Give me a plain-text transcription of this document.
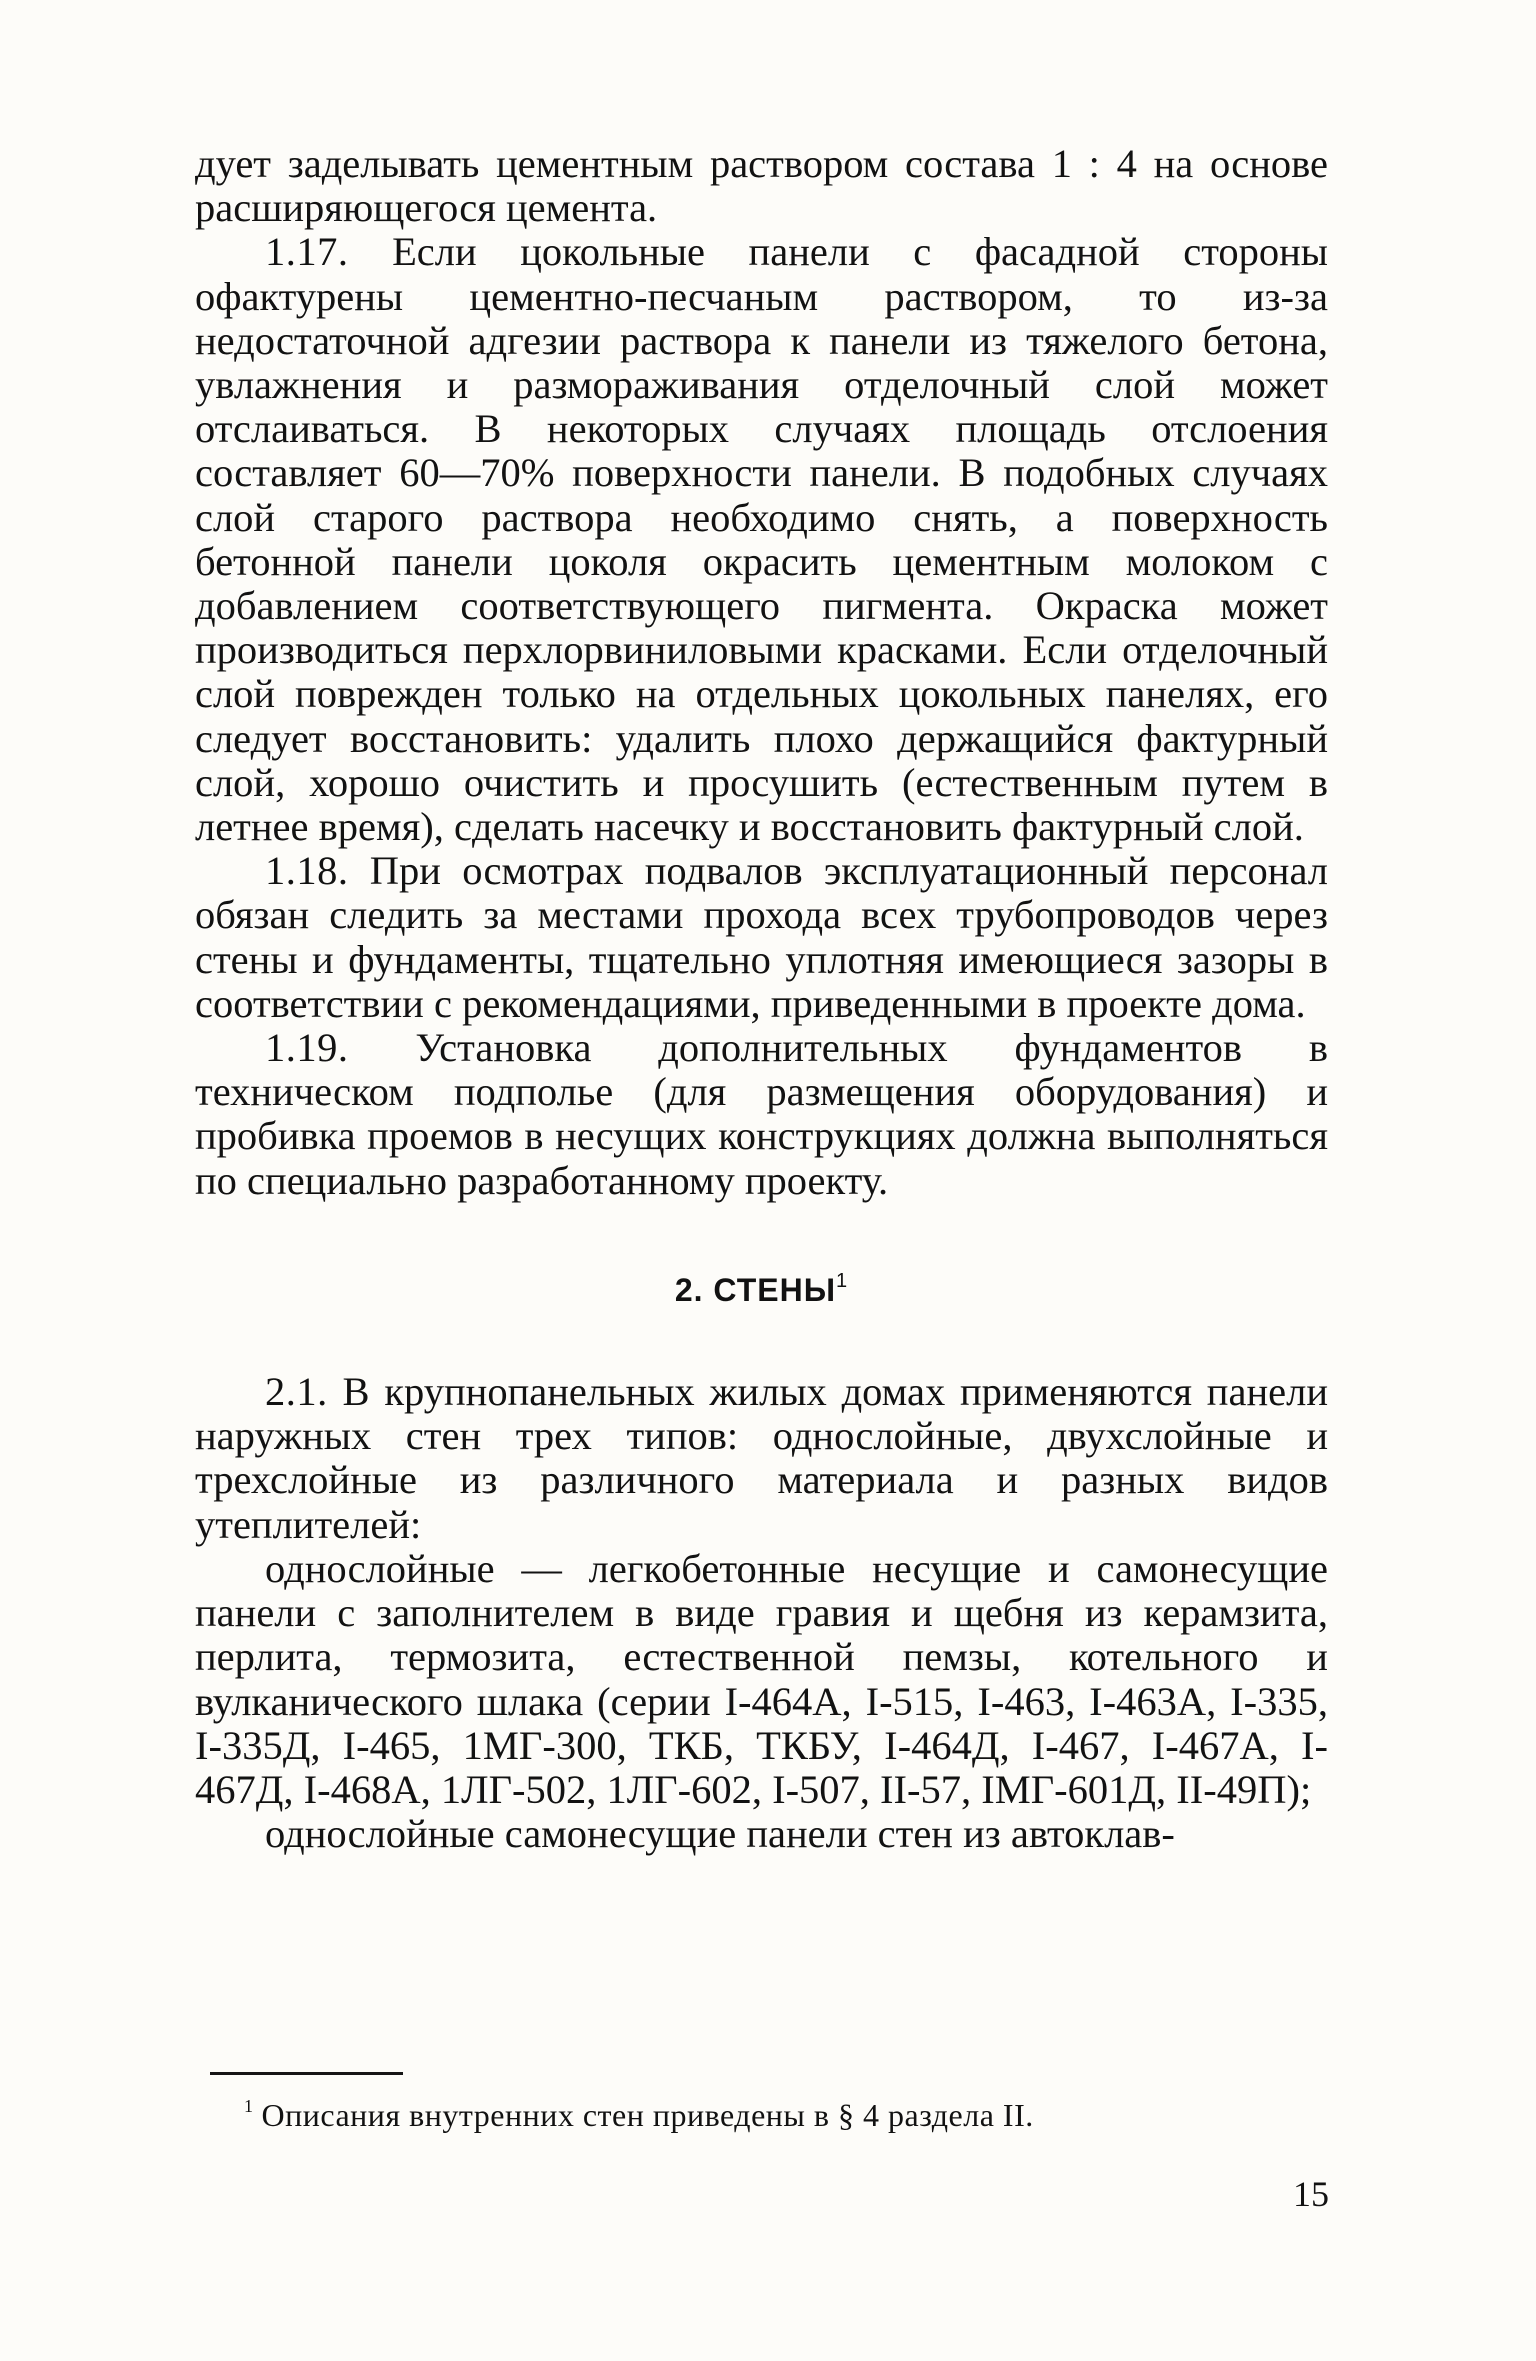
дует заделывать цементным раствором состава 1 : 4 на основе расширяющегося цемента.

1.17. Если цокольные панели с фасадной стороны офактурены цементно-песчаным раствором, то из-за недостаточной адгезии раствора к панели из тяжелого бетона, увлажнения и размораживания отделочный слой может отслаиваться. В некоторых случаях площадь отслоения составляет 60—70% поверхности панели. В подобных случаях слой старого раствора необходимо снять, а поверхность бетонной панели цоколя окрасить цементным молоком с добавлением соответствующего пигмента. Окраска может производиться перхлорвиниловыми красками. Если отделочный слой поврежден только на отдельных цокольных панелях, его следует восстановить: удалить плохо держащийся фактурный слой, хорошо очистить и просушить (естественным путем в летнее время), сделать насечку и восстановить фактурный слой.

1.18. При осмотрах подвалов эксплуатационный персонал обязан следить за местами прохода всех трубопроводов через стены и фундаменты, тщательно уплотняя имеющиеся зазоры в соответствии с рекомендациями, приведенными в проекте дома.

1.19. Установка дополнительных фундаментов в техническом подполье (для размещения оборудования) и пробивка проемов в несущих конструкциях должна выполняться по специально разработанному проекту.

2. СТЕНЫ$^1$

2.1. В крупнопанельных жилых домах применяются панели наружных стен трех типов: однослойные, двухслойные и трехслойные из различного материала и разных видов утеплителей:

однослойные — легкобетонные несущие и самонесущие панели с заполнителем в виде гравия и щебня из керамзита, перлита, термозита, естественной пемзы, котельного и вулканического шлака (серии I-464А, I-515, I-463, I-463А, I-335, I-335Д, I-465, 1МГ-300, ТКБ, ТКБУ, I-464Д, I-467, I-467А, I-467Д, I-468А, 1ЛГ-502, 1ЛГ-602, I-507, II-57, IМГ-601Д, II-49П);

однослойные самонесущие панели стен из автоклав-

$^1$ Описания внутренних стен приведены в § 4 раздела II.
15
